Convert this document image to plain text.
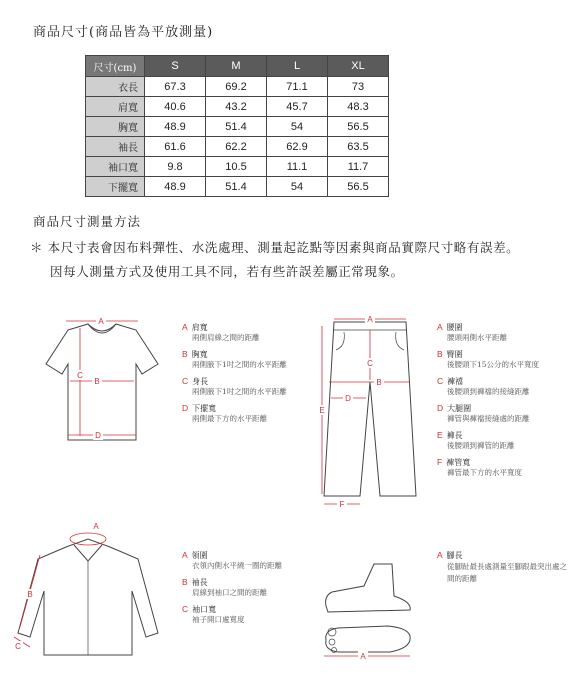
商品尺寸(商品皆為平放測量)
尺寸(cm)	S	M	L	XL
衣長	67.3	69.2	71.1	73
肩寬	40.6	43.2	45.7	48.3
胸寬	48.9	51.4	54	56.5
袖長	61.6	62.2	62.9	63.5
袖口寬	9.8	10.5	11.1	11.7
下擺寬	48.9	51.4	54	56.5
商品尺寸測量方法
＊ 本尺寸表會因布料彈性、水洗處理、測量起訖點等因素與商品實際尺寸略有誤差。
因每人測量方式及使用工具不同，若有些許誤差屬正常現象。
A
B
C
D
A 肩寬
兩側肩線之間的距離
B 胸寬
兩側腋下1吋之間的水平距離
C 身長
兩側腋下1吋之間的水平距離
D 下擺寬
兩側最下方的水平距離
A
B
C
D
E
F
A 腰圍
腰頭兩側水平距離
B 臀圍
後腰頭下15公分的水平寬度
C 褲襠
後腰頭到褲襠的接縫距離
D 大腿圍
褲管與褲襠接縫處的距離
E 褲長
後腰頭到褲管的距離
F 褲管寬
褲管最下方的水平寬度
A
B
C
A 領圍
衣領內側水平繞一圈的距離
B 袖長
肩線到袖口之間的距離
C 袖口寬
袖子開口處寬度
A
A 腳長
從腳趾最長處測量至腳跟最突出處之間的距離
